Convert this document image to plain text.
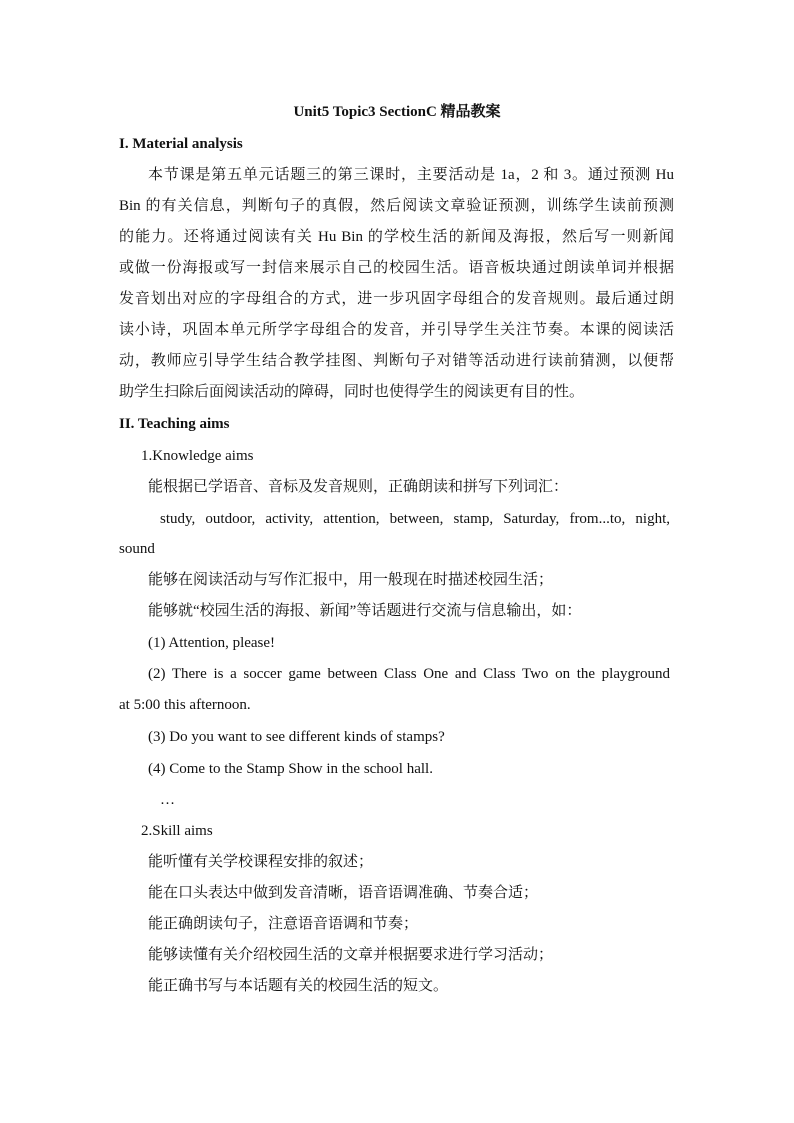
Unit5 Topic3 SectionC 精品教案
I. Material analysis
本节课是第五单元话题三的第三课时，主要活动是 1a，2 和 3。通过预测 Hu
Bin 的有关信息，判断句子的真假，然后阅读文章验证预测，训练学生读前预测
的能力。还将通过阅读有关 Hu Bin 的学校生活的新闻及海报，然后写一则新闻
或做一份海报或写一封信来展示自己的校园生活。语音板块通过朗读单词并根据
发音划出对应的字母组合的方式，进一步巩固字母组合的发音规则。最后通过朗
读小诗，巩固本单元所学字母组合的发音，并引导学生关注节奏。本课的阅读活
动，教师应引导学生结合教学挂图、判断句子对错等活动进行读前猜测，以便帮
助学生扫除后面阅读活动的障碍，同时也使得学生的阅读更有目的性。
II. Teaching aims
1.Knowledge aims
能根据已学语音、音标及发音规则，正确朗读和拼写下列词汇：
study, outdoor, activity, attention, between, stamp, Saturday, from...to, night,
sound
能够在阅读活动与写作汇报中，用一般现在时描述校园生活；
能够就“校园生活的海报、新闻”等话题进行交流与信息输出，如：
(1) Attention, please!
(2) There is a soccer game between Class One and Class Two on the playground
at 5:00 this afternoon.
(3) Do you want to see different kinds of stamps?
(4) Come to the Stamp Show in the school hall.
…
2.Skill aims
能听懂有关学校课程安排的叙述；
能在口头表达中做到发音清晰，语音语调准确、节奏合适；
能正确朗读句子，注意语音语调和节奏；
能够读懂有关介绍校园生活的文章并根据要求进行学习活动；
能正确书写与本话题有关的校园生活的短文。
